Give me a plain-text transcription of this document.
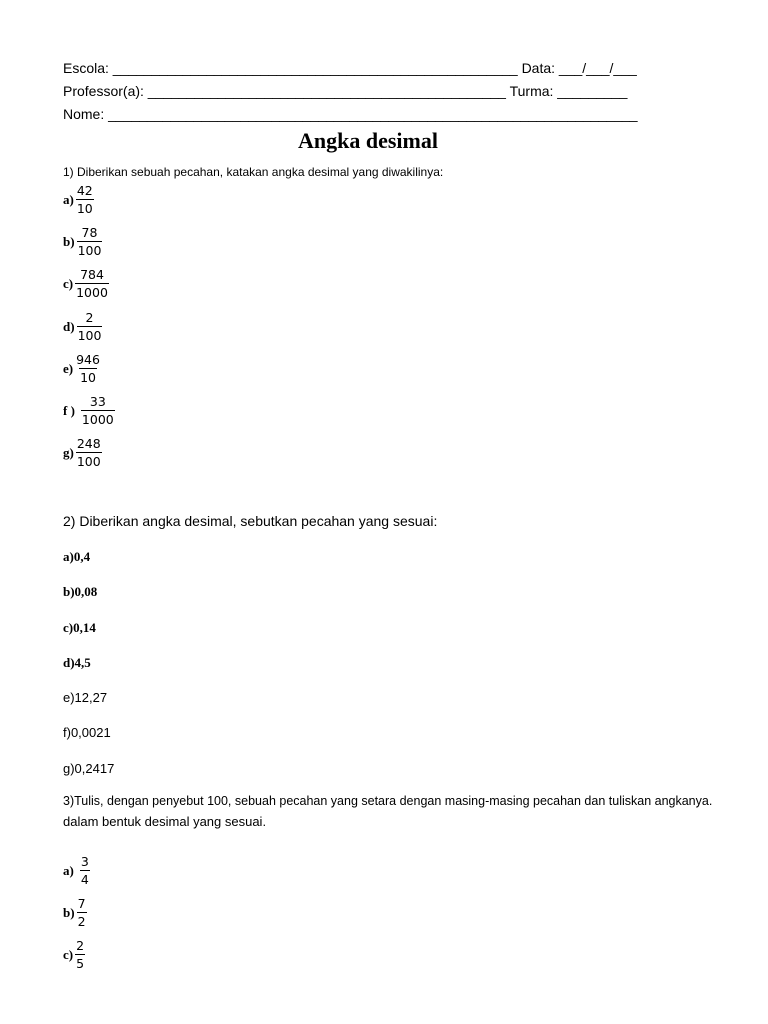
Escola: ____________________________________________________ Data: ___/___/___
Professor(a): ______________________________________________ Turma: _________
Nome: ____________________________________________________________________
Angka desimal
1) Diberikan sebuah pecahan, katakan angka desimal yang diwakilinya:
$a) \frac{42}{10}$
$b) \frac{78}{100}$
$c) \frac{784}{1000}$
$d) \frac{2}{100}$
$e) \frac{946}{10}$
f ) $\frac{33}{1000}$
$g) \frac{248}{100}$
2) Diberikan angka desimal, sebutkan pecahan yang sesuai:
a)0,4
b)0,08
c)0,14
d)4,5
e)12,27
f)0,0021
g)0,2417
3)Tulis, dengan penyebut 100, sebuah pecahan yang setara dengan masing-masing pecahan dan tuliskan angkanya.
dalam bentuk desimal yang sesuai.
$a) \frac{3}{4}$
$b) \frac{7}{2}$
$c) \frac{2}{5}$
